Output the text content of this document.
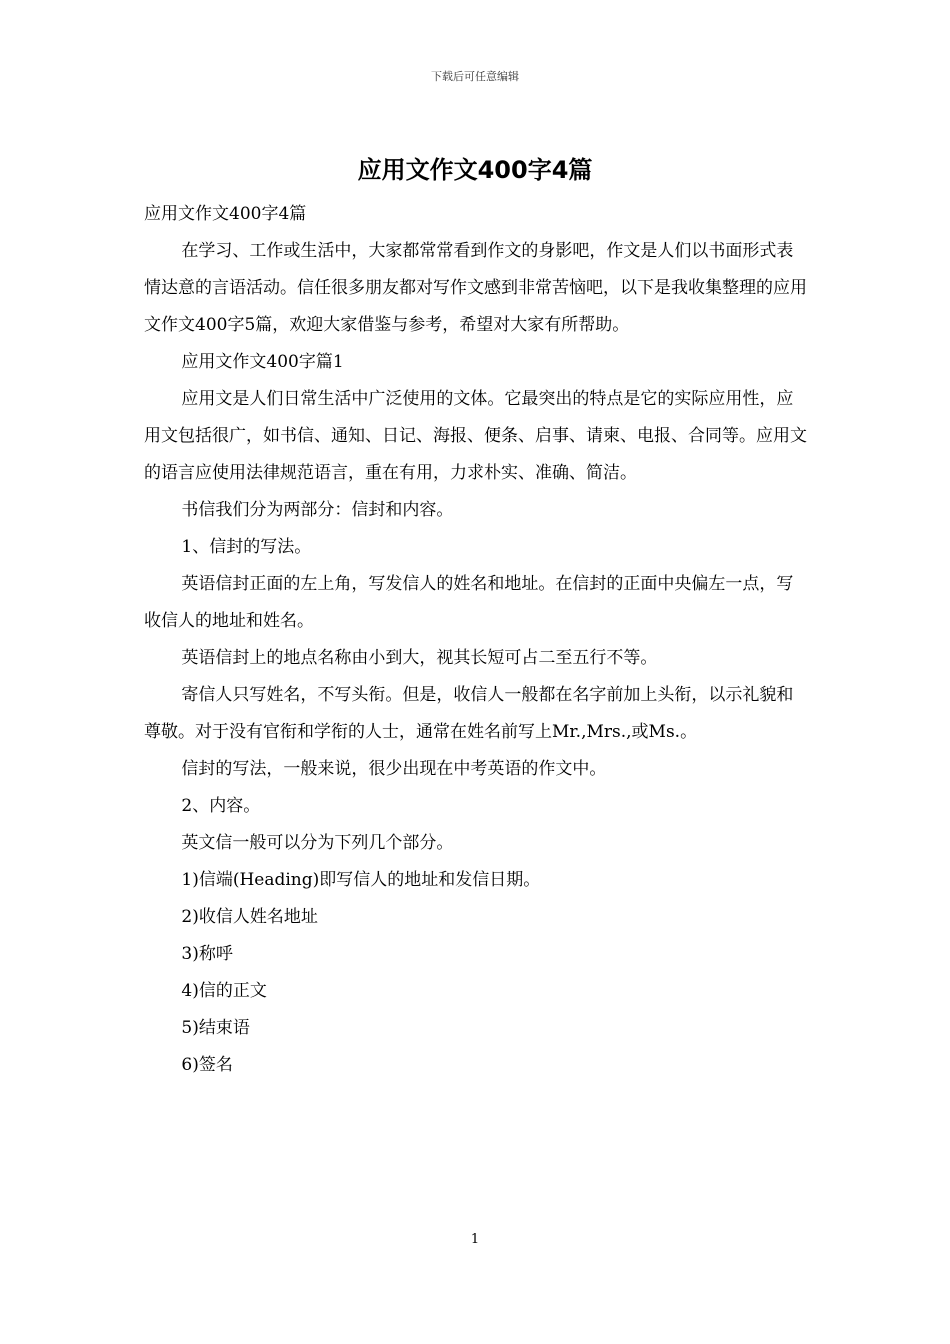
下载后可任意编辑
应用文作文400字4篇

应用文作文400字4篇

在学习、工作或生活中，大家都常常看到作文的身影吧，作文是人们以书面形式表情达意的言语活动。信任很多朋友都对写作文感到非常苦恼吧，以下是我收集整理的应用文作文400字5篇，欢迎大家借鉴与参考，希望对大家有所帮助。

应用文作文400字篇1

应用文是人们日常生活中广泛使用的文体。它最突出的特点是它的实际应用性，应用文包括很广，如书信、通知、日记、海报、便条、启事、请柬、电报、合同等。应用文的语言应使用法律规范语言，重在有用，力求朴实、准确、简洁。

书信我们分为两部分：信封和内容。

1、信封的写法。

英语信封正面的左上角，写发信人的姓名和地址。在信封的正面中央偏左一点，写收信人的地址和姓名。

英语信封上的地点名称由小到大，视其长短可占二至五行不等。

寄信人只写姓名，不写头衔。但是，收信人一般都在名字前加上头衔，以示礼貌和尊敬。对于没有官衔和学衔的人士，通常在姓名前写上Mr.,Mrs.,或Ms.。

信封的写法，一般来说，很少出现在中考英语的作文中。

2、内容。

英文信一般可以分为下列几个部分。

1)信端(Heading)即写信人的地址和发信日期。

2)收信人姓名地址

3)称呼

4)信的正文

5)结束语

6)签名

1
